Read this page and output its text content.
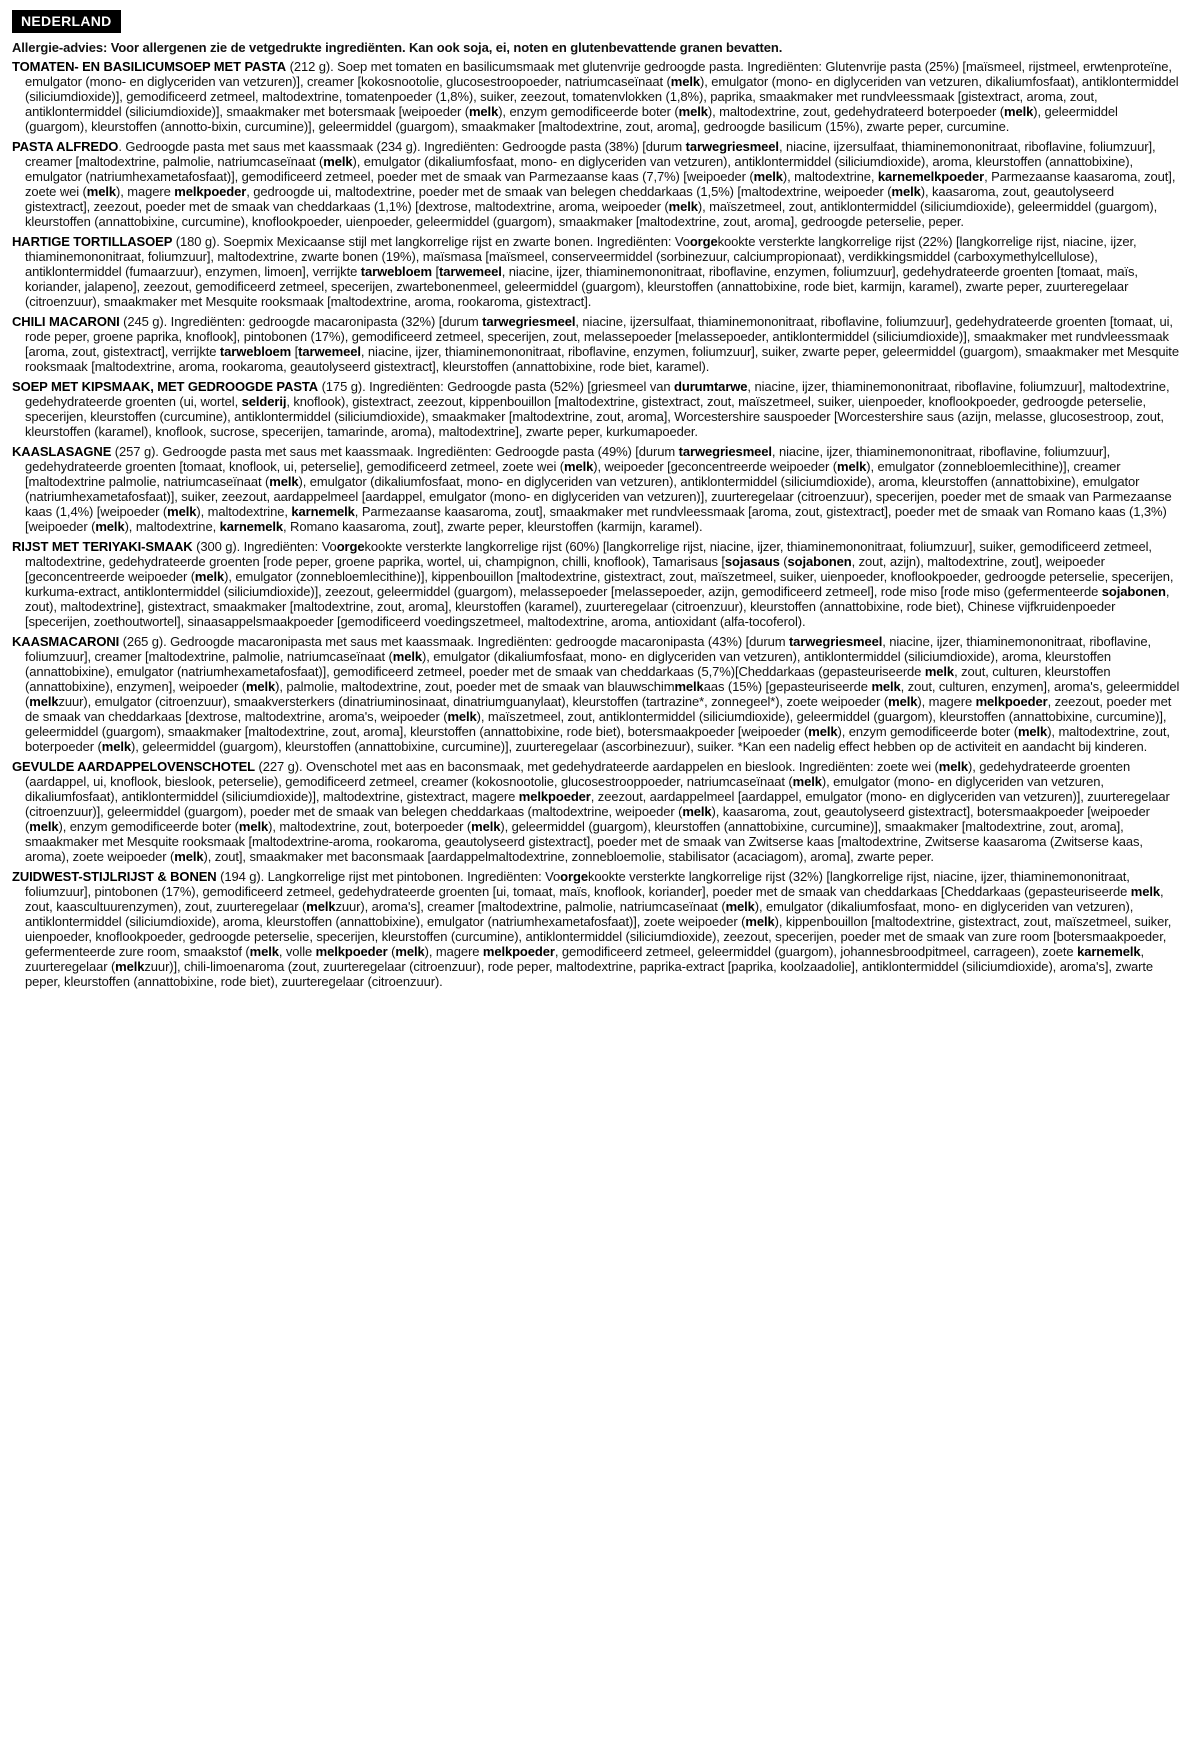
NEDERLAND
Allergie-advies: Voor allergenen zie de vetgedrukte ingrediënten. Kan ook soja, ei, noten en glutenbevattende granen bevatten.

TOMATEN- EN BASILICUMSOEP MET PASTA (212 g). Soep met tomaten en basilicumsmaak met glutenvrije gedroogde pasta. Ingrediënten: Glutenvrije pasta (25%) [maïsmeel, rijstmeel, erwtenproteïne, emulgator (mono- en diglyceriden van vetzuren)], creamer [kokosnootolie, glucosestroopoeder, natriumcaseïnaat (melk), emulgator (mono- en diglyceriden van vetzuren, dikaliumfosfaat), antiklontermiddel (siliciumdioxide)], gemodificeerd zetmeel, maltodextrine, tomatenpoeder (1,8%), suiker, zeezout, tomatenvlokken (1,8%), paprika, smaakmaker met rundvleessmaak [gistextract, aroma, zout, antiklontermiddel (siliciumdioxide)], smaakmaker met botersmaak [weipoeder (melk), enzym gemodificeerde boter (melk), maltodextrine, zout, gedehydrateerd boterpoeder (melk), geleermiddel (guargom), kleurstoffen (annotto-bixin, curcumine)], geleermiddel (guargom), smaakmaker [maltodextrine, zout, aroma], gedroogde basilicum (15%), zwarte peper, curcumine.

PASTA ALFREDO. Gedroogde pasta met saus met kaassmaak (234 g). Ingrediënten: Gedroogde pasta (38%) [durum tarwegriesmeel, niacine, ijzersulfaat, thiaminemononitraat, riboflavine, foliumzuur], creamer [maltodextrine, palmolie, natriumcaseïnaat (melk), emulgator (dikaliumfosfaat, mono- en diglyceriden van vetzuren), antiklontermiddel (siliciumdioxide), aroma, kleurstoffen (annattobixine), emulgator (natriumhexametafosfaat)], gemodificeerd zetmeel, poeder met de smaak van Parmezaanse kaas (7,7%) [weipoeder (melk), maltodextrine, karnemelkpoeder, Parmezaanse kaasaroma, zout], zoete wei (melk), magere melkpoeder, gedroogde ui, maltodextrine, poeder met de smaak van belegen cheddarkaas (1,5%) [maltodextrine, weipoeder (melk), kaasaroma, zout, geautolyseerd gistextract], zeezout, poeder met de smaak van cheddarkaas (1,1%) [dextrose, maltodextrine, aroma, weipoeder (melk), maïszetmeel, zout, antiklontermiddel (siliciumdioxide), geleermiddel (guargom), kleurstoffen (annattobixine, curcumine), knoflookpoeder, uienpoeder, geleermiddel (guargom), smaakmaker [maltodextrine, zout, aroma], gedroogde peterselie, peper.

HARTIGE TORTILLASOEP (180 g). Soepmix Mexicaanse stijl met langkorrelige rijst en zwarte bonen. Ingrediënten: Voorgekookte versterkte langkorrelige rijst (22%) [langkorrelige rijst, niacine, ijzer, thiaminemononitraat, foliumzuur], maltodextrine, zwarte bonen (19%), maïsmasa [maïsmeel, conserveermiddel (sorbinezuur, calciumpropionaat), verdikkingsmiddel (carboxymethylcellulose), antiklontermiddel (fumaarzuur), enzymen, limoen], verrijkte tarwebloem [tarwemeel, niacine, ijzer, thiaminemononitraat, riboflavine, enzymen, foliumzuur], gedehydrateerde groenten [tomaat, maïs, koriander, jalapeno], zeezout, gemodificeerd zetmeel, specerijen, zwartebonenmeel, geleermiddel (guargom), kleurstoffen (annattobixine, rode biet, karmijn, karamel), zwarte peper, zuurteregelaar (citroenzuur), smaakmaker met Mesquite rooksmaak [maltodextrine, aroma, rookaroma, gistextract].

CHILI MACARONI (245 g). Ingrediënten: gedroogde macaronipasta (32%) [durum tarwegriesmeel, niacine, ijzersulfaat, thiaminemononitraat, riboflavine, foliumzuur], gedehydrateerde groenten [tomaat, ui, rode peper, groene paprika, knoflook], pintobonen (17%), gemodificeerd zetmeel, specerijen, zout, melassepoeder [melassepoeder, antiklontermiddel (siliciumdioxide)], smaakmaker met rundvleessmaak [aroma, zout, gistextract], verrijkte tarwebloem [tarwemeel, niacine, ijzer, thiaminemononitraat, riboflavine, enzymen, foliumzuur], suiker, zwarte peper, geleermiddel (guargom), smaakmaker met Mesquite rooksmaak [maltodextrine, aroma, rookaroma, geautolyseerd gistextract], kleurstoffen (annattobixine, rode biet, karamel).

SOEP MET KIPSMAAK, MET GEDROOGDE PASTA (175 g). Ingrediënten: Gedroogde pasta (52%) [griesmeel van durumtarwe, niacine, ijzer, thiaminemononitraat, riboflavine, foliumzuur], maltodextrine, gedehydrateerde groenten (ui, wortel, selderij, knoflook), gistextract, zeezout, kippenbouillon [maltodextrine, gistextract, zout, maïszetmeel, suiker, uienpoeder, knoflookpoeder, gedroogde peterselie, specerijen, kleurstoffen (curcumine), antiklontermiddel (siliciumdioxide), smaakmaker [maltodextrine, zout, aroma], Worcestershire sauspoeder [Worcestershire saus (azijn, melasse, glucosestroop, zout, kleurstoffen (karamel), knoflook, sucrose, specerijen, tamarinde, aroma), maltodextrine], zwarte peper, kurkumapoeder.

KAASLASAGNE (257 g). Gedroogde pasta met saus met kaassmaak. Ingrediënten: Gedroogde pasta (49%) [durum tarwegriesmeel, niacine, ijzer, thiaminemononitraat, riboflavine, foliumzuur], gedehydrateerde groenten [tomaat, knoflook, ui, peterselie], gemodificeerd zetmeel, zoete wei (melk), weipoeder [geconcentreerde weipoeder (melk), emulgator (zonnebloemlecithine)], creamer [maltodextrine palmolie, natriumcaseïnaat (melk), emulgator (dikaliumfosfaat, mono- en diglyceriden van vetzuren), antiklontermiddel (siliciumdioxide), aroma, kleurstoffen (annattobixine), emulgator (natriumhexametafosfaat)], suiker, zeezout, aardappelmeel [aardappel, emulgator (mono- en diglyceriden van vetzuren)], zuurteregelaar (citroenzuur), specerijen, poeder met de smaak van Parmezaanse kaas (1,4%) [weipoeder (melk), maltodextrine, karnemelk, Parmezaanse kaasaroma, zout], smaakmaker met rundvleessmaak [aroma, zout, gistextract], poeder met de smaak van Romano kaas (1,3%) [weipoeder (melk), maltodextrine, karnemelk, Romano kaasaroma, zout], zwarte peper, kleurstoffen (karmijn, karamel).

RIJST MET TERIYAKI-SMAAK (300 g). Ingrediënten: Voorgekookte versterkte langkorrelige rijst (60%) [langkorrelige rijst, niacine, ijzer, thiaminemononitraat, foliumzuur], suiker, gemodificeerd zetmeel, maltodextrine, gedehydrateerde groenten [rode peper, groene paprika, wortel, ui, champignon, chilli, knoflook), Tamarisaus [sojasaus (sojabonen, zout, azijn), maltodextrine, zout], weipoeder [geconcentreerde weipoeder (melk), emulgator (zonnebloemlecithine)], kippenbouillon [maltodextrine, gistextract, zout, maïszetmeel, suiker, uienpoeder, knoflookpoeder, gedroogde peterselie, specerijen, kurkuma-extract, antiklontermiddel (siliciumdioxide)], zeezout, geleermiddel (guargom), melassepoeder [melassepoeder, azijn, gemodificeerd zetmeel], rode miso [rode miso (gefermenteerde sojabonen, zout), maltodextrine], gistextract, smaakmaker [maltodextrine, zout, aroma], kleurstoffen (karamel), zuurteregelaar (citroenzuur), kleurstoffen (annattobixine, rode biet), Chinese vijfkruidenpoeder [specerijen, zoethoutwortel], sinaasappelsmaakpoeder [gemodificeerd voedingszetmeel, maltodextrine, aroma, antioxidant (alfa-tocoferol).

KAASMACARONI (265 g). Gedroogde macaronipasta met saus met kaassmaak. Ingrediënten: gedroogde macaronipasta (43%) [durum tarwegriesmeel, niacine, ijzer, thiaminemononitraat, riboflavine, foliumzuur], creamer [maltodextrine, palmolie, natriumcaseïnaat (melk), emulgator (dikaliumfosfaat, mono- en diglyceriden van vetzuren), antiklontermiddel (siliciumdioxide), aroma, kleurstoffen (annattobixine), emulgator (natriumhexametafosfaat)], gemodificeerd zetmeel, poeder met de smaak van cheddarkaas (5,7%)[Cheddarkaas (gepasteuriseerde melk, zout, culturen, kleurstoffen (annattobixine), enzymen], weipoeder (melk), palmolie, maltodextrine, zout, poeder met de smaak van blauwschimmelkaas (15%) [gepasteuriseerde melk, zout, culturen, enzymen], aroma's, geleermiddel (melkzuur), emulgator (citroenzuur), smaakversterkers (dinatriuminosinaat, dinatriumguanylaat), kleurstoffen (tartrazine*, zonnegeel*), zoete weipoeder (melk), magere melkpoeder, zeezout, poeder met de smaak van cheddarkaas [dextrose, maltodextrine, aroma's, weipoeder (melk), maïszetmeel, zout, antiklontermiddel (siliciumdioxide), geleermiddel (guargom), kleurstoffen (annattobixine, curcumine)], geleermiddel (guargom), smaakmaker [maltodextrine, zout, aroma], kleurstoffen (annattobixine, rode biet), botersmaakpoeder [weipoeder (melk), enzym gemodificeerde boter (melk), maltodextrine, zout, boterpoeder (melk), geleermiddel (guargom), kleurstoffen (annattobixine, curcumine)], zuurteregelaar (ascorbinezuur), suiker. *Kan een nadelig effect hebben op de activiteit en aandacht bij kinderen.

GEVULDE AARDAPPELOVENSCHOTEL (227 g). Ovenschotel met aas en baconsmaak, met gedehydrateerde aardappelen en bieslook. Ingrediënten: zoete wei (melk), gedehydrateerde groenten (aardappel, ui, knoflook, bieslook, peterselie), gemodificeerd zetmeel, creamer (kokosnootolie, glucosestrooppoeder, natriumcaseïnaat (melk), emulgator (mono- en diglyceriden van vetzuren, dikaliumfosfaat), antiklontermiddel (siliciumdioxide)], maltodextrine, gistextract, magere melkpoeder, zeezout, aardappelmeel [aardappel, emulgator (mono- en diglyceriden van vetzuren)], zuurteregelaar (citroenzuur)], geleermiddel (guargom), poeder met de smaak van belegen cheddarkaas (maltodextrine, weipoeder (melk), kaasaroma, zout, geautolyseerd gistextract], botersmaakpoeder [weipoeder (melk), enzym gemodificeerde boter (melk), maltodextrine, zout, boterpoeder (melk), geleermiddel (guargom), kleurstoffen (annattobixine, curcumine)], smaakmaker [maltodextrine, zout, aroma], smaakmaker met Mesquite rooksmaak [maltodextrine-aroma, rookaroma, geautolyseerd gistextract], poeder met de smaak van Zwitserse kaas [maltodextrine, Zwitserse kaasaroma (Zwitserse kaas, aroma), zoete weipoeder (melk), zout], smaakmaker met baconsmaak [aardappelmaltodextrine, zonnebloemolie, stabilisator (acaciagom), aroma], zwarte peper.

ZUIDWEST-STIJLRIJST & BONEN (194 g). Langkorrelige rijst met pintobonen. Ingrediënten: Voorgekookte versterkte langkorrelige rijst (32%) [langkorrelige rijst, niacine, ijzer, thiaminemononitraat, foliumzuur], pintobonen (17%), gemodificeerd zetmeel, gedehydrateerde groenten [ui, tomaat, maïs, knoflook, koriander], poeder met de smaak van cheddarkaas [Cheddarkaas (gepasteuriseerde melk, zout, kaascultuurenzymen), zout, zuurteregelaar (melkzuur), aroma's], creamer [maltodextrine, palmolie, natriumcaseïnaat (melk), emulgator (dikaliumfosfaat, mono- en diglyceriden van vetzuren), antiklontermiddel (siliciumdioxide), aroma, kleurstoffen (annattobixine), emulgator (natriumhexametafosfaat)], zoete weipoeder (melk), kippenbouillon [maltodextrine, gistextract, zout, maïszetmeel, suiker, uienpoeder, knoflookpoeder, gedroogde peterselie, specerijen, kleurstoffen (curcumine), antiklontermiddel (siliciumdioxide), zeezout, specerijen, poeder met de smaak van zure room [botersmaakpoeder, gefermenteerde zure room, smaakstof (melk, volle melkpoeder (melk), magere melkpoeder, gemodificeerd zetmeel, geleermiddel (guargom), johannesbroodpitmeel, carrageen), zoete karnemelk, zuurteregelaar (melkzuur)], chili-limoenaroma (zout, zuurteregelaar (citroenzuur), rode peper, maltodextrine, paprika-extract [paprika, koolzaadolie], antiklontermiddel (siliciumdioxide), aroma's], zwarte peper, kleurstoffen (annattobixine, rode biet), zuurteregelaar (citroenzuur).
